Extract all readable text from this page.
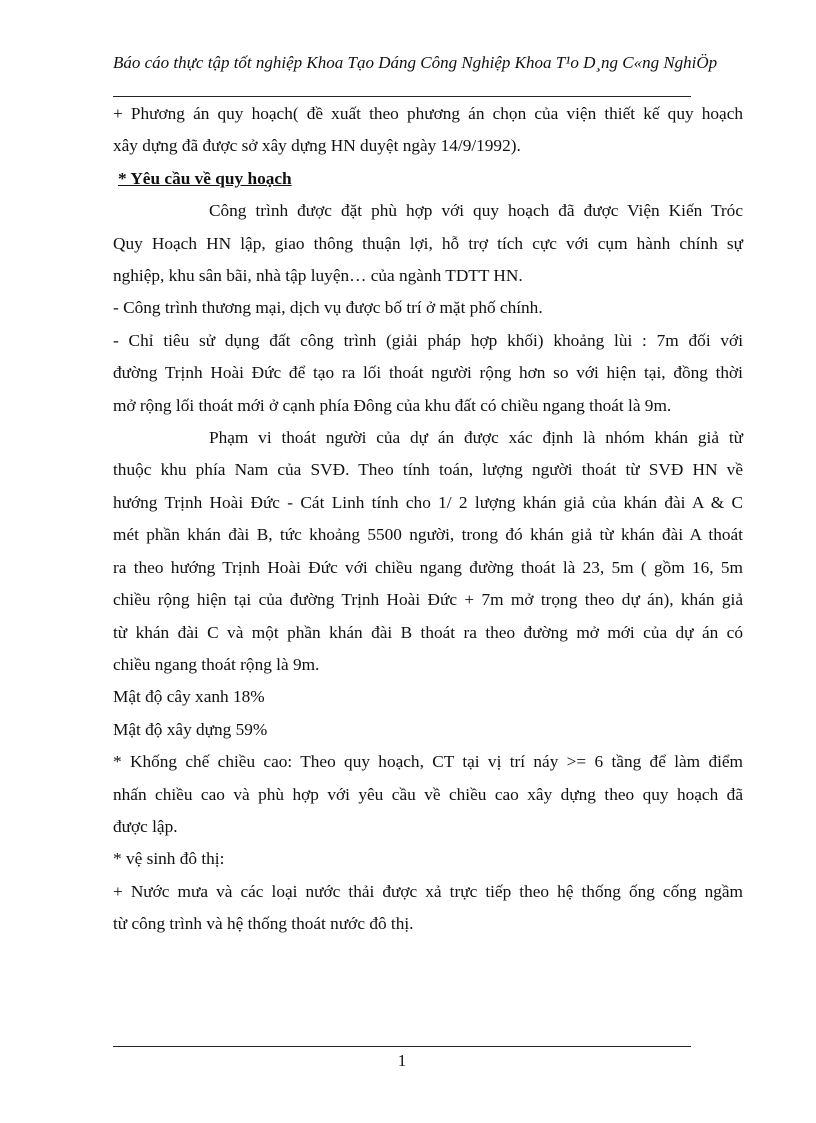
Báo cáo thực tập tốt nghiệp Khoa Tạo Dáng Công Nghiệp Khoa T¹o D¸ng C«ng NghiÖp

+ Phương án quy hoạch( đề xuất theo phương án chọn của viện thiết kế quy hoạch

xây dựng đã được sở xây dựng HN duyệt ngày 14/9/1992).

* Yêu cầu về quy hoạch

Công trình được đặt phù hợp với quy hoạch đã được Viện Kiến Tróc

Quy Hoạch HN lập, giao thông thuận lợi, hỗ trợ tích cực với cụm hành chính sự

nghiệp, khu sân bãi, nhà tập luyện… của ngành TDTT HN.

- Công trình thương mại, dịch vụ được bố trí ở mặt phố chính.

- Chỉ tiêu sử dụng đất công trình (giải pháp hợp khối) khoảng lùi : 7m đối với

đường Trịnh Hoài Đức để tạo ra lối thoát người rộng hơn so với hiện tại, đồng thời

mở rộng lối thoát mới ở cạnh phía Đông của khu đất có chiều ngang thoát là 9m.

Phạm vi thoát người của dự án được xác định là nhóm khán giả từ

thuộc khu phía Nam của SVĐ. Theo tính toán, lượng người thoát từ SVĐ HN về

hướng Trịnh Hoài Đức - Cát Linh tính cho 1/ 2 lượng khán giả của khán đài A & C

mét phần khán đài B, tức khoảng 5500 người, trong đó khán giả từ khán đài A thoát

ra theo hướng Trịnh Hoài Đức với chiều ngang đường thoát là 23, 5m ( gồm 16, 5m

chiều rộng hiện tại của đường Trịnh Hoài Đức + 7m mở trọng theo dự án), khán giả

từ khán đài C và một phần khán đài B thoát ra theo đường mở mới của dự án có

chiều ngang thoát rộng là 9m.

Mật độ cây xanh 18%

Mật độ xây dựng 59%

* Khống chế chiều cao: Theo quy hoạch, CT tại vị trí náy >= 6 tầng để làm điểm

nhấn chiều cao và phù hợp với yêu cầu về chiều cao xây dựng theo quy hoạch đã

được lập.

* vệ sinh đô thị:

+ Nước mưa và các loại nước thải được xả trực tiếp theo hệ thống ống cống ngầm

từ công trình và hệ thống thoát nước đô thị.

1
